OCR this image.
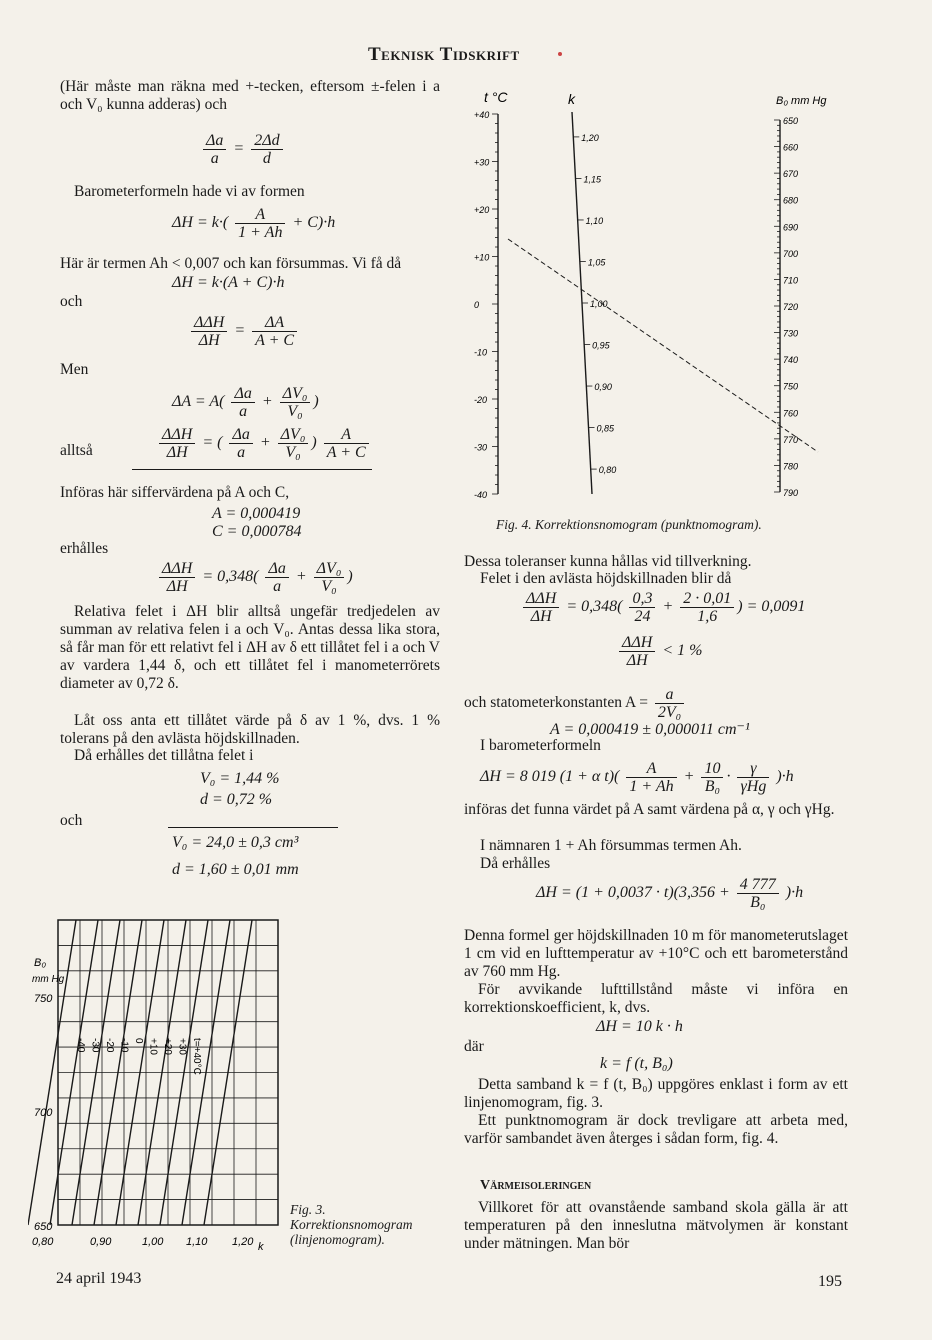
Teknisk Tidskrift
(Här måste man räkna med +-tecken, eftersom ±-felen i a och V₀ kunna adderas) och
$\frac{\Delta a}{a} = \frac{2\Delta d}{d}$
Barometerformeln hade vi av formen
$\Delta H = k\cdot( \frac{A}{1 + Ah} + C)\cdot h$
Här är termen Ah < 0,007 och kan försummas. Vi få då
ΔH = k·(A + C)·h
och
$\frac{\text{ΔΔH}}{\Delta H} = \frac{\Delta A}{A + C}$
Men
$\Delta A = A( \frac{\Delta a}{a} + \frac{\text{ΔV₀}}{\text{V₀}}$ )
alltså	$\frac{\text{ΔΔH}}{\Delta H}$ = ( $\frac{\Delta a}{a} + \frac{\text{ΔV₀}}{\text{V₀}}$ ) $\frac{A}{A + C}$
Införas här siffervärdena på A och C,
A = 0,000419
C = 0,000784
erhålles
$\frac{\text{ΔΔH}}{\Delta H} = 0,348( \frac{\Delta a}{a} + \frac{\text{ΔV₀}}{\text{V₀}}$ )
Relativa felet i ΔH blir alltså ungefär tredjedelen av summan av relativa felen i a och V₀. Antas dessa lika stora, så får man för ett relativt fel i ΔH av δ ett tillåtet fel i a och V av vardera 1,44 δ, och ett tillåtet fel i manometerrörets diameter av 0,72 δ.
Låt oss anta ett tillåtet värde på δ av 1 %, dvs. 1 % tolerans på den avlästa höjdskillnaden.
Då erhålles det tillåtna felet i
V₀ = 1,44 %
d = 0,72 %
och
V₀ = 24,0 ± 0,3 cm³
d = 1,60 ± 0,01 mm
B₀
mm Hg
750
700
650
0,80	0,90	1,00 1,10 1,20 k
-40 -30 -20 -10 0 +10 +20 +30 t=+40°C
Fig. 3. Korrektionsnomogram (linjenomogram).
t °C	k	B₀ mm Hg
+40
+30
+20
+10
0
-10
-20
-30
-40
1,20
1,15
1,10
1,05
1,00
0,95
0,90
0,85
0,80
650
660
670
680
690
700
710
720
730
740
750
760
770
780
790
Fig. 4. Korrektionsnomogram (punktnomogram).
Dessa toleranser kunna hållas vid tillverkning.
Felet i den avlästa höjdskillnaden blir då
$\frac{\text{ΔΔH}}{\Delta H} = 0,348( \frac{0,3}{24} + \frac{2 \cdot 0,01}{1,6}$ ) = 0,0091
$\frac{\text{ΔΔH}}{\Delta H} < 1$ %
och statometerkonstanten $A = \frac{a}{\text{2V₀}}$
A = 0,000419 ± 0,000011 cm⁻¹
I barometerformeln
ΔH = 8 019 (1 + α $t)( \frac{A}{1 + Ah} + \frac{10}{\text{B₀}} \cdot \frac{\gamma}{\text{γHg}} )\cdot h$
införas det funna värdet på A samt värdena på α, γ och γHg.
I nämnaren 1 + Ah försummas termen Ah.
Då erhålles
$\Delta H = (1 + 0,0037 \cdot t)(3,356 + \frac{4 777}{\text{B₀}} )\cdot h$
Denna formel ger höjdskillnaden 10 m för manometerutslaget 1 cm vid en lufttemperatur av +10°C och ett barometerstånd av 760 mm Hg.
För avvikande lufttillstånd måste vi införa en korrektionskoefficient, k, dvs.
ΔH = 10 k · h
där
k = f (t, B₀)
Detta samband k = f (t, B₀) uppgöres enklast i form av ett linjenomogram, fig. 3.
Ett punktnomogram är dock trevligare att arbeta med, varför sambandet även återges i sådan form, fig. 4.
Värmeisoleringen
Villkoret för att ovanstående samband skola gälla är att temperaturen på den inneslutna mätvolymen är konstant under mätningen. Man bör
24 april 1943	195
